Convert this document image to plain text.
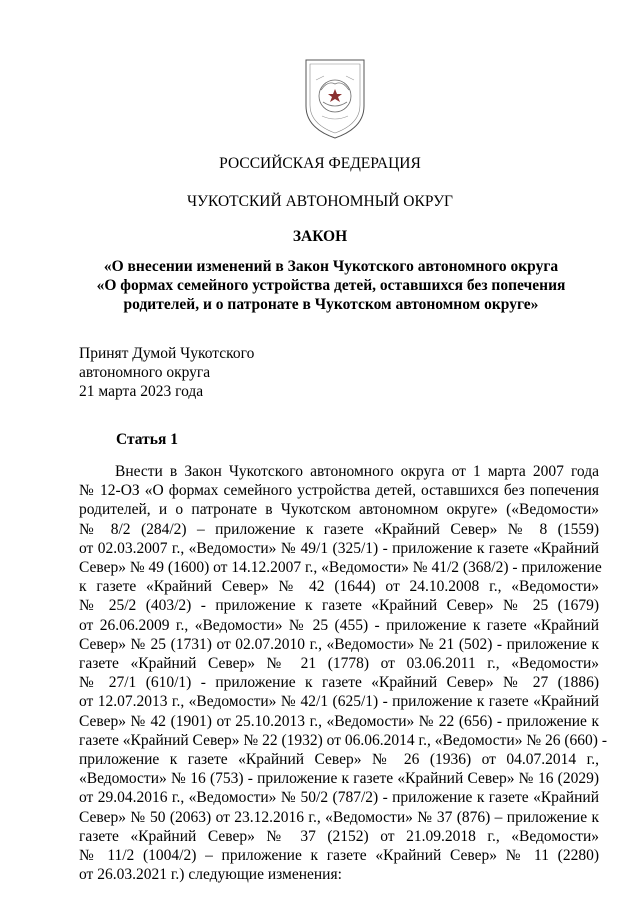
РОССИЙСКАЯ ФЕДЕРАЦИЯ
ЧУКОТСКИЙ АВТОНОМНЫЙ ОКРУГ
ЗАКОН
«О внесении изменений в Закон Чукотского автономного округа
«О формах семейного устройства детей, оставшихся без попечения
родителей, и о патронате в Чукотском автономном округе»
Принят Думой Чукотского
автономного округа
21 марта 2023 года
Статья 1
Внести в Закон Чукотского автономного округа от 1 марта 2007 года
№ 12-ОЗ «О формах семейного устройства детей, оставшихся без попечения
родителей, и о патронате в Чукотском автономном округе» («Ведомости»
№ 8/2 (284/2) – приложение к газете «Крайний Север» № 8 (1559)
от 02.03.2007 г., «Ведомости» № 49/1 (325/1) - приложение к газете «Крайний
Север» № 49 (1600) от 14.12.2007 г., «Ведомости» № 41/2 (368/2) - приложение
к газете «Крайний Север» № 42 (1644) от 24.10.2008 г., «Ведомости»
№ 25/2 (403/2) - приложение к газете «Крайний Север» № 25 (1679)
от 26.06.2009 г., «Ведомости» № 25 (455) - приложение к газете «Крайний
Север» № 25 (1731) от 02.07.2010 г., «Ведомости» № 21 (502) - приложение к
газете «Крайний Север» № 21 (1778) от 03.06.2011 г., «Ведомости»
№ 27/1 (610/1) - приложение к газете «Крайний Север» № 27 (1886)
от 12.07.2013 г., «Ведомости» № 42/1 (625/1) - приложение к газете «Крайний
Север» № 42 (1901) от 25.10.2013 г., «Ведомости» № 22 (656) - приложение к
газете «Крайний Север» № 22 (1932) от 06.06.2014 г., «Ведомости» № 26 (660) -
приложение к газете «Крайний Север» № 26 (1936) от 04.07.2014 г.,
«Ведомости» № 16 (753) - приложение к газете «Крайний Север» № 16 (2029)
от 29.04.2016 г., «Ведомости» № 50/2 (787/2) - приложение к газете «Крайний
Север» № 50 (2063) от 23.12.2016 г., «Ведомости» № 37 (876) – приложение к
газете «Крайний Север» № 37 (2152) от 21.09.2018 г., «Ведомости»
№ 11/2 (1004/2) – приложение к газете «Крайний Север» № 11 (2280)
от 26.03.2021 г.) следующие изменения:
